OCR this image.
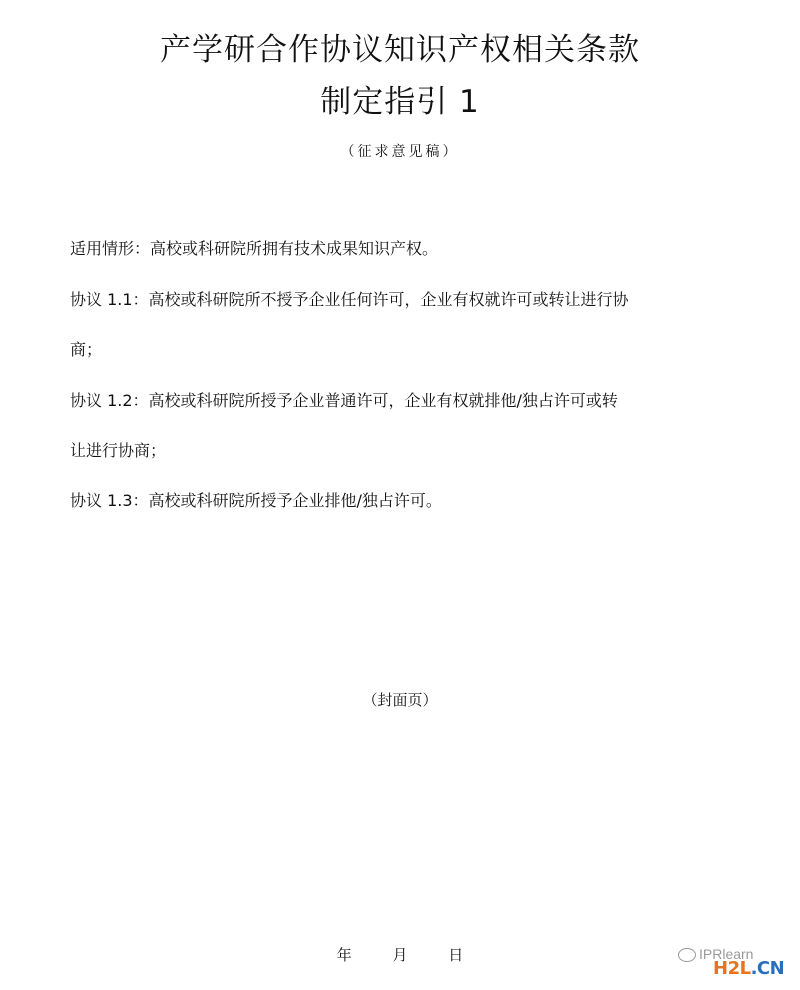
产学研合作协议知识产权相关条款
制定指引 1
（征求意见稿）
适用情形：高校或科研院所拥有技术成果知识产权。
协议 1.1：高校或科研院所不授予企业任何许可，企业有权就许可或转让进行协
商；
协议 1.2：高校或科研院所授予企业普通许可，企业有权就排他/独占许可或转
让进行协商；
协议 1.3：高校或科研院所授予企业排他/独占许可。
（封面页）
年	月	日	IPRlearn
H2L.CN
